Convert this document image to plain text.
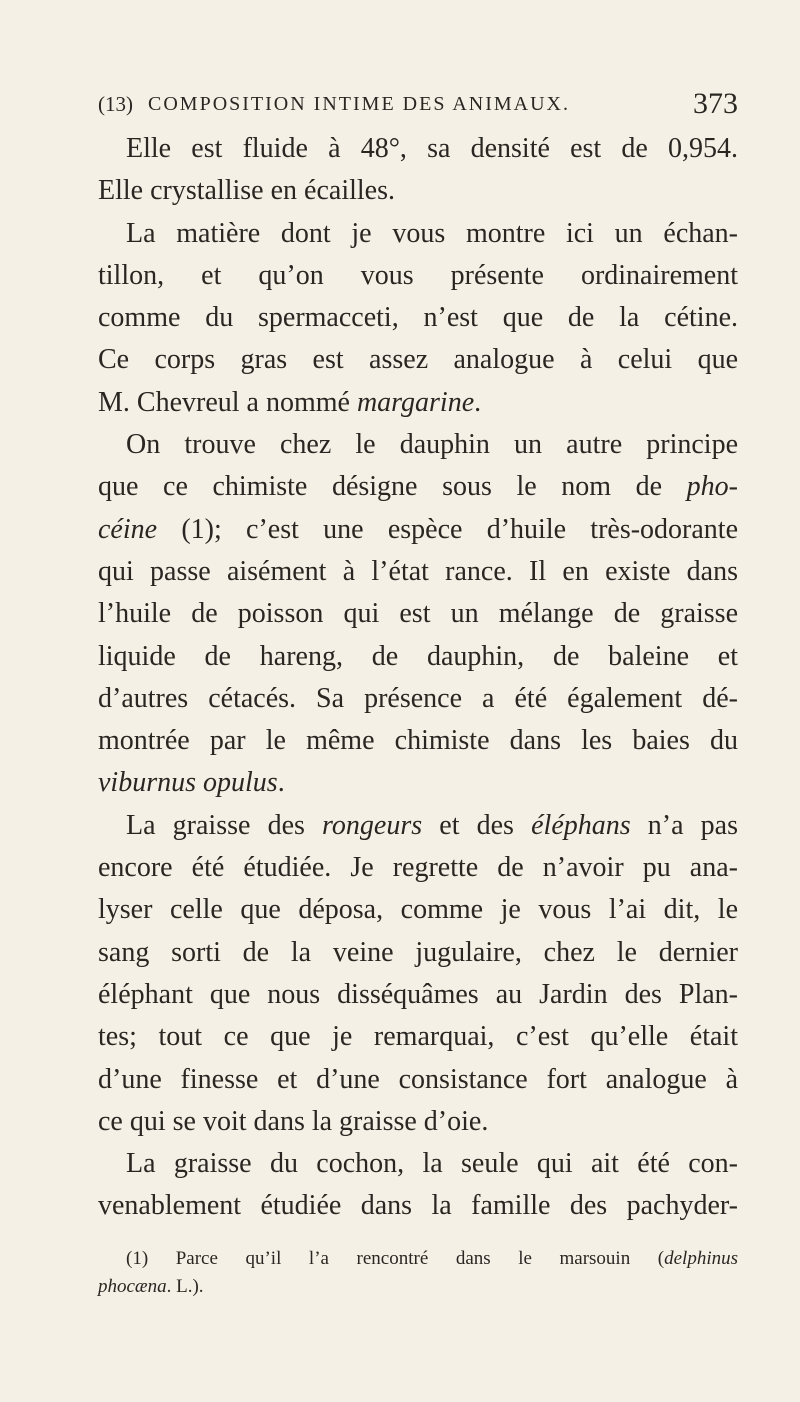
(13) COMPOSITION INTIME DES ANIMAUX.	373
Elle est fluide à 48°, sa densité est de 0,954.
Elle crystallise en écailles.
La matière dont je vous montre ici un échan-
tillon, et qu’on vous présente ordinairement
comme du spermacceti, n’est que de la cétine.
Ce corps gras est assez analogue à celui que
M. Chevreul a nommé margarine.
On trouve chez le dauphin un autre principe
que ce chimiste désigne sous le nom de pho-
céine (1); c’est une espèce d’huile très-odorante
qui passe aisément à l’état rance. Il en existe dans
l’huile de poisson qui est un mélange de graisse
liquide de hareng, de dauphin, de baleine et
d’autres cétacés. Sa présence a été également dé-
montrée par le même chimiste dans les baies du
viburnus opulus.
La graisse des rongeurs et des éléphans n’a pas
encore été étudiée. Je regrette de n’avoir pu ana-
lyser celle que déposa, comme je vous l’ai dit, le
sang sorti de la veine jugulaire, chez le dernier
éléphant que nous disséquâmes au Jardin des Plan-
tes; tout ce que je remarquai, c’est qu’elle était
d’une finesse et d’une consistance fort analogue à
ce qui se voit dans la graisse d’oie.
La graisse du cochon, la seule qui ait été con-
venablement étudiée dans la famille des pachyder-
(1) Parce qu’il l’a rencontré dans le marsouin (delphinus
phocæna. L.).
